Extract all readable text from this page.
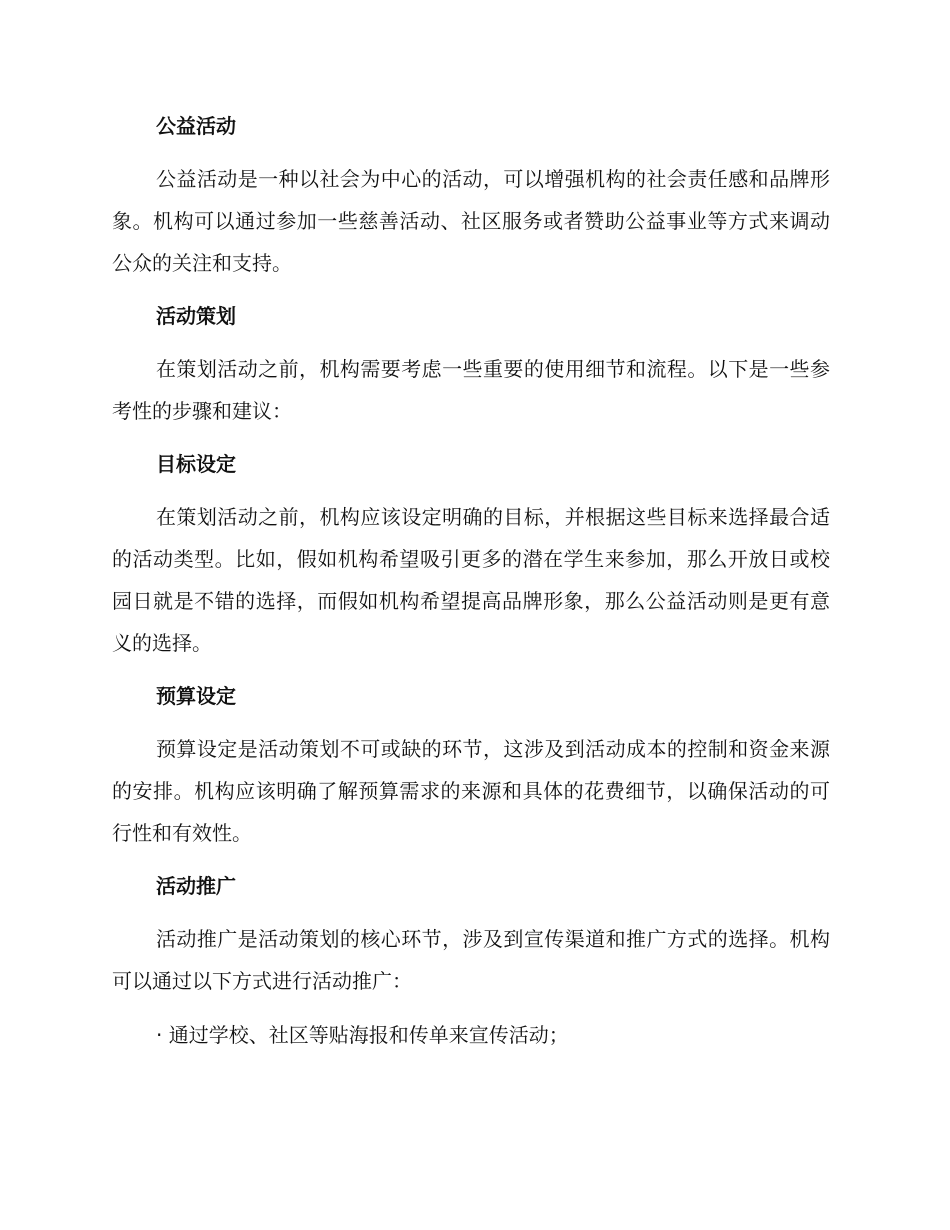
公益活动

公益活动是一种以社会为中心的活动，可以增强机构的社会责任感和品牌形象。机构可以通过参加一些慈善活动、社区服务或者赞助公益事业等方式来调动公众的关注和支持。

活动策划

在策划活动之前，机构需要考虑一些重要的使用细节和流程。以下是一些参考性的步骤和建议：

目标设定

在策划活动之前，机构应该设定明确的目标，并根据这些目标来选择最合适的活动类型。比如，假如机构希望吸引更多的潜在学生来参加，那么开放日或校园日就是不错的选择，而假如机构希望提高品牌形象，那么公益活动则是更有意义的选择。

预算设定

预算设定是活动策划不可或缺的环节，这涉及到活动成本的控制和资金来源的安排。机构应该明确了解预算需求的来源和具体的花费细节，以确保活动的可行性和有效性。

活动推广

活动推广是活动策划的核心环节，涉及到宣传渠道和推广方式的选择。机构可以通过以下方式进行活动推广：

· 通过学校、社区等贴海报和传单来宣传活动；
